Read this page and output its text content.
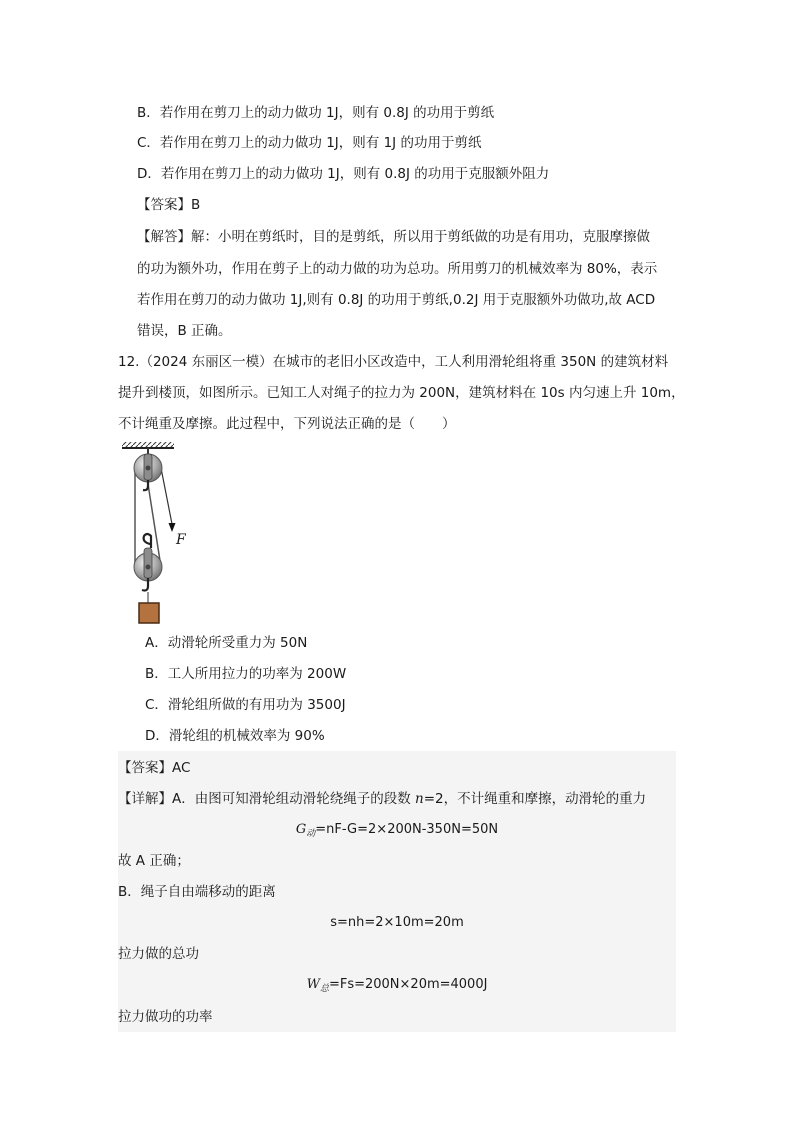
B．若作用在剪刀上的动力做功 1J，则有 0.8J 的功用于剪纸
C．若作用在剪刀上的动力做功 1J，则有 1J 的功用于剪纸
D．若作用在剪刀上的动力做功 1J，则有 0.8J 的功用于克服额外阻力
【答案】B
【解答】解：小明在剪纸时，目的是剪纸，所以用于剪纸做的功是有用功，克服摩擦做
的功为额外功，作用在剪子上的动力做的功为总功。所用剪刀的机械效率为 80%，表示
若作用在剪刀的动力做功 1J,则有 0.8J 的功用于剪纸,0.2J 用于克服额外功做功,故 ACD
错误，B 正确。
12.（2024 东丽区一模）在城市的老旧小区改造中，工人利用滑轮组将重 350N 的建筑材料
提升到楼顶，如图所示。已知工人对绳子的拉力为 200N，建筑材料在 10s 内匀速上升 10m，
不计绳重及摩擦。此过程中，下列说法正确的是（　　）
F
A．动滑轮所受重力为 50N
B．工人所用拉力的功率为 200W
C．滑轮组所做的有用功为 3500J
D．滑轮组的机械效率为 90%
【答案】AC
【详解】A．由图可知滑轮组动滑轮绕绳子的段数 n=2，不计绳重和摩擦，动滑轮的重力
$G_动=nF-G=2\times 200N-350N=50N$
故 A 正确；
B．绳子自由端移动的距离
s=nh=2×10m=20m
拉力做的总功
$W_总=Fs=200N\times 20m=4000J$
拉力做功的功率
